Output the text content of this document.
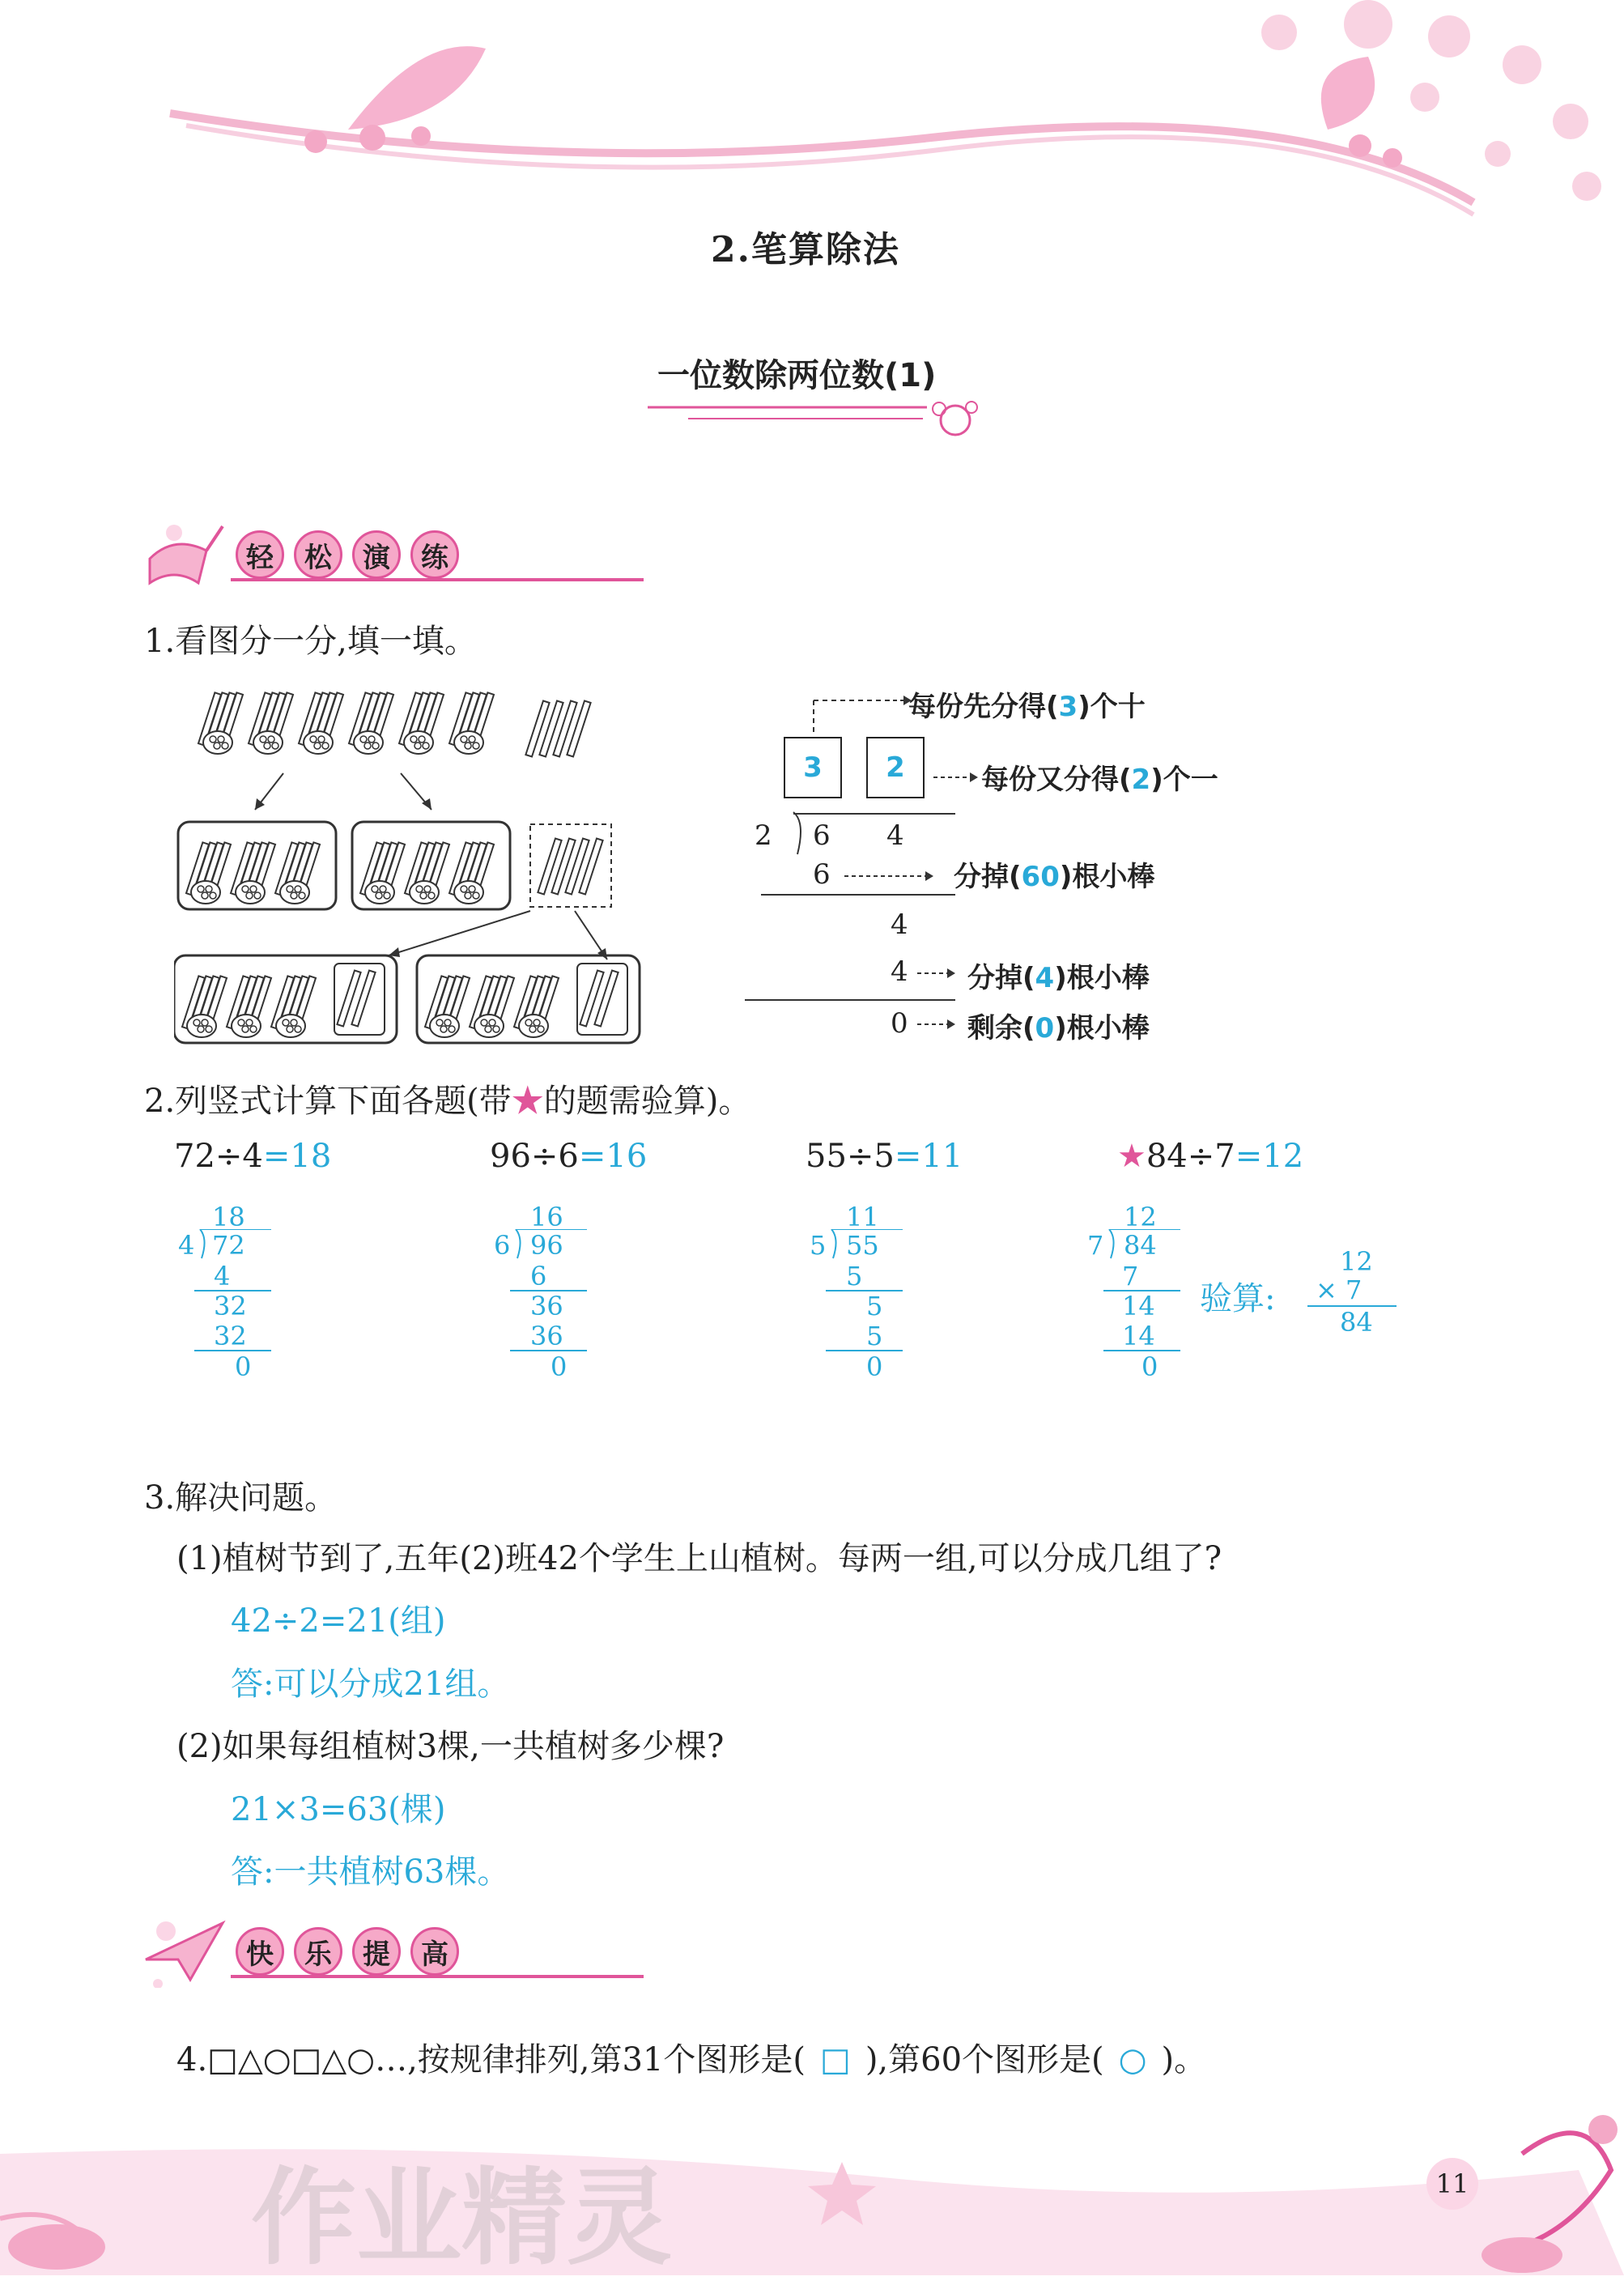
2.笔算除法
一位数除两位数(1)
轻	松	演	练
1.看图分一分,填一填。
3	2
2 6 4
6
4
4
0
每份先分得(3)个十
每份又分得(2)个一
分掉(60)根小棒
分掉(4)根小棒
剩余(0)根小棒
2.列竖式计算下面各题(带★的题需验算)。
72÷4=18
18
4 72
4
32
32
0
96÷6=16
16
6 96
6
36
36
0
55÷5=11
11
5 55
5
5
5
0
★84÷7=12
12
7 84
7
14
14
0
验算:
12
× 7
84
3.解决问题。
(1)植树节到了,五年(2)班42个学生上山植树。每两一组,可以分成几组了?
42÷2=21(组)
答:可以分成21组。
(2)如果每组植树3棵,一共植树多少棵?
21×3=63(棵)
答:一共植树63棵。
快	乐	提	高
4.□△○□△○…,按规律排列,第31个图形是( □ ),第60个图形是( ○ )。
作业精灵	11
